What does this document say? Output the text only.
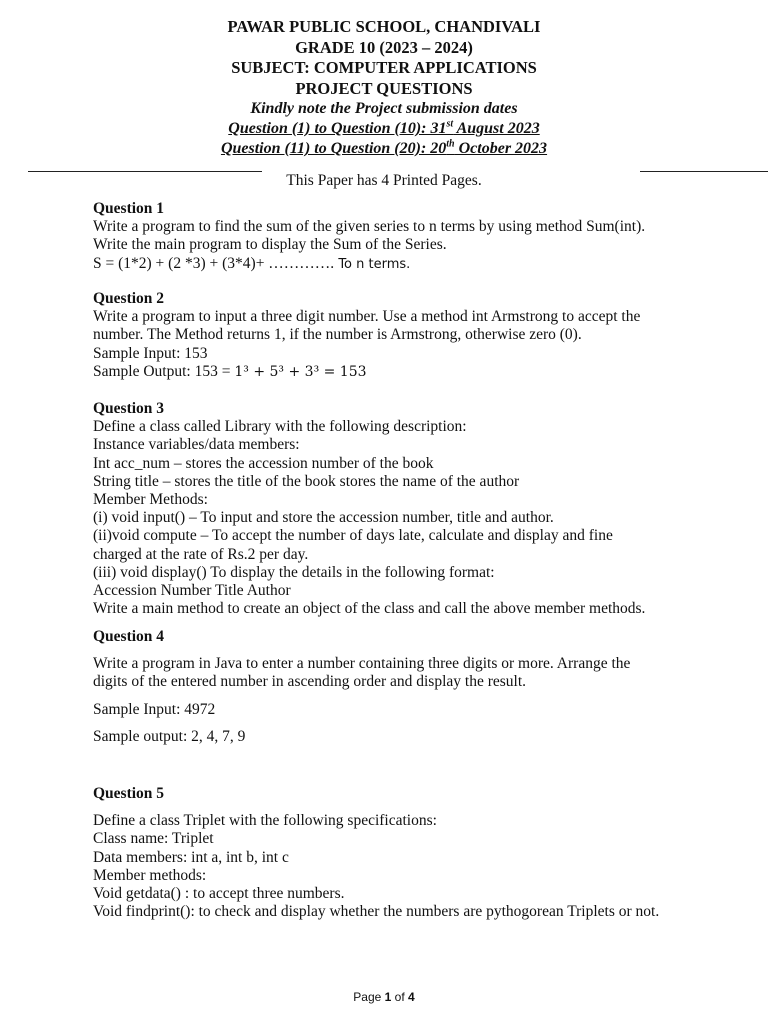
PAWAR PUBLIC SCHOOL, CHANDIVALI
GRADE 10 (2023 – 2024)
SUBJECT: COMPUTER APPLICATIONS
PROJECT QUESTIONS
Kindly note the Project submission dates
Question (1) to Question (10): 31st August 2023
Question (11) to Question (20): 20th October 2023
This Paper has 4 Printed Pages.
Question 1
Write a program to find the sum of the given series to n terms by using method Sum(int).
Write the main program to display the Sum of the Series.
S = (1*2) + (2 *3) + (3*4)+ …………. To n terms.
Question 2
Write a program to input a three digit number. Use a method int Armstrong to accept the
number. The Method returns 1, if the number is Armstrong, otherwise zero (0).
Sample Input: 153
Sample Output: 153 = 1³ + 5³ + 3³ = 153
Question 3
Define a class called Library with the following description:
Instance variables/data members:
Int acc_num – stores the accession number of the book
String title – stores the title of the book stores the name of the author
Member Methods:
(i) void input() – To input and store the accession number, title and author.
(ii)void compute – To accept the number of days late, calculate and display and fine
charged at the rate of Rs.2 per day.
(iii) void display() To display the details in the following format:
Accession Number Title Author
Write a main method to create an object of the class and call the above member methods.
Question 4
Write a program in Java to enter a number containing three digits or more. Arrange the
digits of the entered number in ascending order and display the result.
Sample Input: 4972
Sample output: 2, 4, 7, 9
Question 5
Define a class Triplet with the following specifications:
Class name: Triplet
Data members: int a, int b, int c
Member methods:
Void getdata() : to accept three numbers.
Void findprint(): to check and display whether the numbers are pythogorean Triplets or not.
Page 1 of 4
